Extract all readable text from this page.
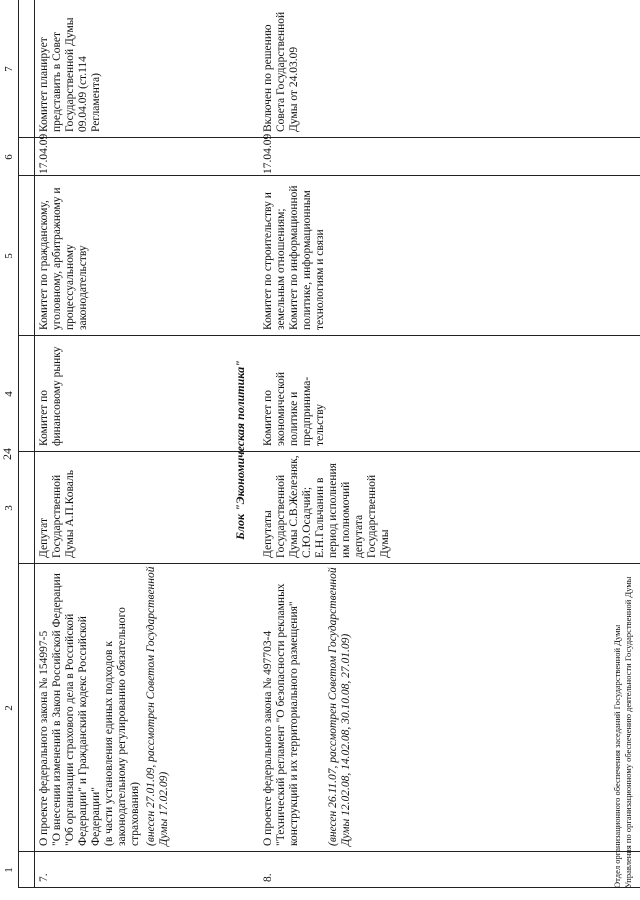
24
1
2
3
4
5
6
7
7.
О проекте федерального закона № 154997-5
"О внесении изменений в Закон Российской Федерации "Об организации страхового дела в Российской Федерации" и Гражданский кодекс Российской Федерации"
(в части установления единых подходов к законодательному регулированию обязательного страхования) (внесен 27.01.09, рассмотрен Советом Государственной Думы 17.02.09)
Депутат Государственной Думы А.П.Коваль
Комитет по финансовому рынку
Комитет по гражданскому, уголовному, арбитражному и процессуальному законодательству
17.04.09
Комитет планирует представить в Совет Государственной Думы 09.04.09 (ст.114 Регламента)
Блок "Экономическая политика"
8.
О проекте федерального закона № 497703-4
"Технический регламент "О безопасности рекламных конструкций и их территориального размещения" (внесен 26.11.07, рассмотрен Советом Государственной Думы 12.02.08, 14.02.08, 30.10.08, 27.01.09)
Депутаты Государственной Думы С.В.Железняк, С.Ю.Осадчий; Е.Н.Гальчанин в период исполнения им полномочий депутата Государственной Думы
Комитет по экономической политике и предпринима-тельству
Комитет по строительству и земельным отношениям; Комитет по информационной политике, информационным технологиям и связи
17.04.09
Включен по решению Совета Государственной Думы от 24.03.09
Отдел организационного обеспечения заседаний Государственной Думы Управления по организационному обеспечению деятельности Государственной Думы
